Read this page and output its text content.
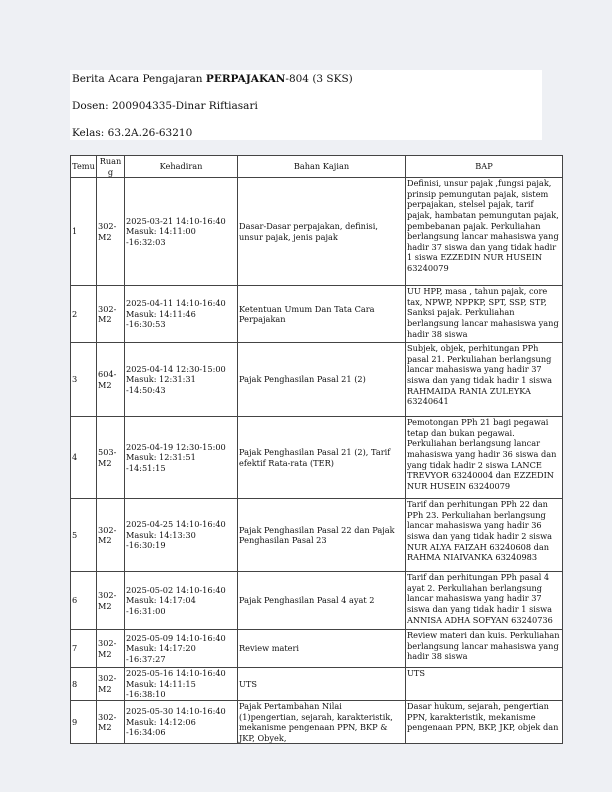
Berita Acara Pengajaran PERPAJAKAN-804 (3 SKS)
Dosen: 200904335-Dinar Riftiasari
Kelas: 63.2A.26-63210
Temu	Ruang	Kehadiran	Bahan Kajian	BAP
1	302-M2	2025-03-21 14:10-16:40 Masuk: 14:11:00 -16:32:03	Dasar-Dasar perpajakan, definisi, unsur pajak, jenis pajak	Definisi, unsur pajak ,fungsi pajak, prinsip pemungutan pajak, sistem perpajakan, stelsel pajak, tarif pajak, hambatan pemungutan pajak, pembebanan pajak. Perkuliahan berlangsung lancar mahasiswa yang hadir 37 siswa dan yang tidak hadir 1 siswa EZZEDIN NUR HUSEIN 63240079
2	302-M2	2025-04-11 14:10-16:40 Masuk: 14:11:46 -16:30:53	Ketentuan Umum Dan Tata Cara Perpajakan	UU HPP, masa , tahun pajak, core tax, NPWP, NPPKP, SPT, SSP, STP, Sanksi pajak. Perkuliahan berlangsung lancar mahasiswa yang hadir 38 siswa
3	604-M2	2025-04-14 12:30-15:00 Masuk: 12:31:31 -14:50:43	Pajak Penghasilan Pasal 21 (2)	Subjek, objek, perhitungan PPh pasal 21. Perkuliahan berlangsung lancar mahasiswa yang hadir 37 siswa dan yang tidak hadir 1 siswa RAHMAIDA RANIA ZULEYKA 63240641
4	503-M2	2025-04-19 12:30-15:00 Masuk: 12:31:51 -14:51:15	Pajak Penghasilan Pasal 21 (2), Tarif efektif Rata-rata (TER)	Pemotongan PPh 21 bagi pegawai tetap dan bukan pegawai. Perkuliahan berlangsung lancar mahasiswa yang hadir 36 siswa dan yang tidak hadir 2 siswa LANCE TREVYOR 63240004 dan EZZEDIN NUR HUSEIN 63240079
5	302-M2	2025-04-25 14:10-16:40 Masuk: 14:13:30 -16:30:19	Pajak Penghasilan Pasal 22 dan Pajak Penghasilan Pasal 23	Tarif dan perhitungan PPh 22 dan PPh 23. Perkuliahan berlangsung lancar mahasiswa yang hadir 36 siswa dan yang tidak hadir 2 siswa NUR ALYA FAIZAH 63240608 dan RAHMA NIAIVANKA 63240983
6	302-M2	2025-05-02 14:10-16:40 Masuk: 14:17:04 -16:31:00	Pajak Penghasilan Pasal 4 ayat 2	Tarif dan perhitungan PPh pasal 4 ayat 2. Perkuliahan berlangsung lancar mahasiswa yang hadir 37 siswa dan yang tidak hadir 1 siswa ANNISA ADHA SOFYAN 63240736
7	302-M2	2025-05-09 14:10-16:40 Masuk: 14:17:20 -16:37:27	Review materi	Review materi dan kuis. Perkuliahan berlangsung lancar mahasiswa yang hadir 38 siswa
8	302-M2	2025-05-16 14:10-16:40 Masuk: 14:11:15 -16:38:10	UTS	UTS
9	302-M2	2025-05-30 14:10-16:40 Masuk: 14:12:06 -16:34:06	Pajak Pertambahan Nilai (1)pengertian, sejarah, karakteristik, mekanisme pengenaan PPN, BKP & JKP, Obyek,	Dasar hukum, sejarah, pengertian PPN, karakteristik, mekanisme pengenaan PPN, BKP, JKP, objek dan
